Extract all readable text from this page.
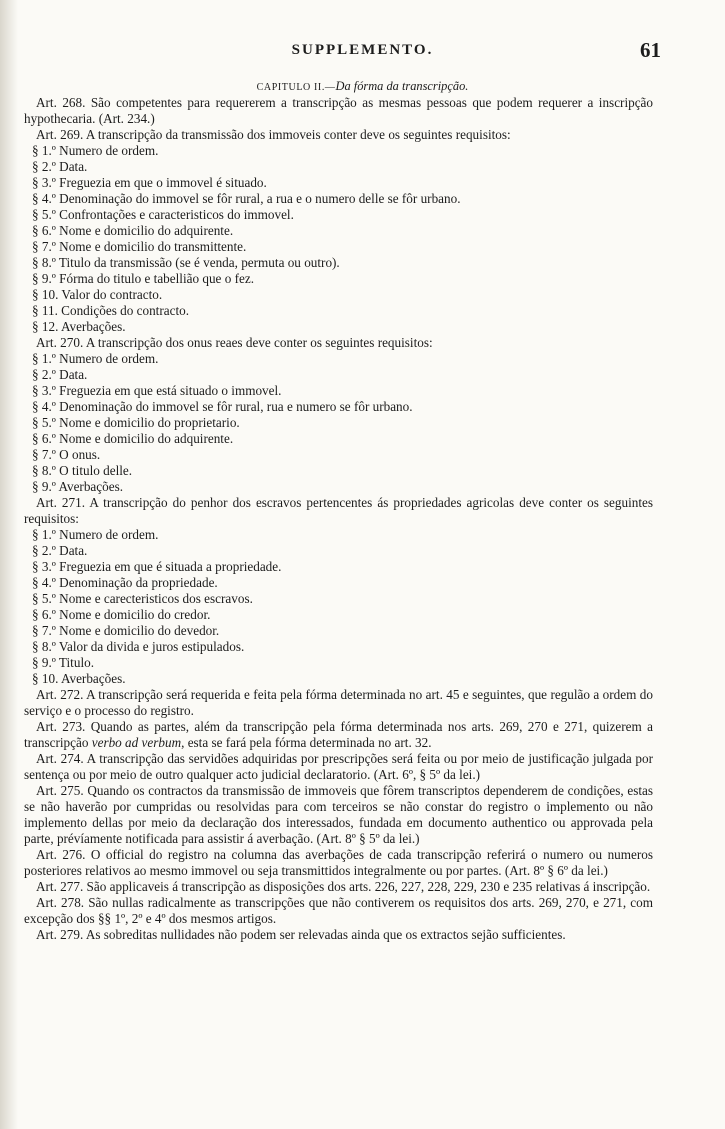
SUPPLEMENTO.	61
CAPITULO II.—Da fórma da transcripção.

Art. 268. São competentes para requererem a transcripção as mesmas pessoas que podem requerer a inscripção hypothecaria. (Art. 234.)

Art. 269. A transcripção da transmissão dos immoveis conter deve os seguintes requisitos:

§ 1.º Numero de ordem.

§ 2.º Data.

§ 3.º Freguezia em que o immovel é situado.

§ 4.º Denominação do immovel se fôr rural, a rua e o numero delle se fôr urbano.

§ 5.º Confrontações e caracteristicos do immovel.

§ 6.º Nome e domicilio do adquirente.

§ 7.º Nome e domicilio do transmittente.

§ 8.º Titulo da transmissão (se é venda, permuta ou outro).

§ 9.º Fórma do titulo e tabellião que o fez.

§ 10. Valor do contracto.

§ 11. Condições do contracto.

§ 12. Averbações.

Art. 270. A transcripção dos onus reaes deve conter os seguintes requisitos:

§ 1.º Numero de ordem.

§ 2.º Data.

§ 3.º Freguezia em que está situado o immovel.

§ 4.º Denominação do immovel se fôr rural, rua e numero se fôr urbano.

§ 5.º Nome e domicilio do proprietario.

§ 6.º Nome e domicilio do adquirente.

§ 7.º O onus.

§ 8.º O titulo delle.

§ 9.º Averbações.

Art. 271. A transcripção do penhor dos escravos pertencentes ás propriedades agricolas deve conter os seguintes requisitos:

§ 1.º Numero de ordem.

§ 2.º Data.

§ 3.º Freguezia em que é situada a propriedade.

§ 4.º Denominação da propriedade.

§ 5.º Nome e carecteristicos dos escravos.

§ 6.º Nome e domicilio do credor.

§ 7.º Nome e domicilio do devedor.

§ 8.º Valor da divida e juros estipulados.

§ 9.º Titulo.

§ 10. Averbações.

Art. 272. A transcripção será requerida e feita pela fórma determinada no art. 45 e seguintes, que regulão a ordem do serviço e o processo do registro.

Art. 273. Quando as partes, além da transcripção pela fórma determinada nos arts. 269, 270 e 271, quizerem a transcripção verbo ad verbum, esta se fará pela fórma determinada no art. 32.

Art. 274. A transcripção das servidões adquiridas por prescripções será feita ou por meio de justificação julgada por sentença ou por meio de outro qualquer acto judicial declaratorio. (Art. 6º, § 5º da lei.)

Art. 275. Quando os contractos da transmissão de immoveis que fôrem transcriptos dependerem de condições, estas se não haverão por cumpridas ou resolvidas para com terceiros se não constar do registro o implemento ou não implemento dellas por meio da declaração dos interessados, fundada em documento authentico ou approvada pela parte, prévíamente notificada para assistir á averbação. (Art. 8º § 5º da lei.)

Art. 276. O official do registro na columna das averbações de cada transcripção referirá o numero ou numeros posteriores relativos ao mesmo immovel ou seja transmittidos integralmente ou por partes. (Art. 8º § 6º da lei.)

Art. 277. São applicaveis á transcripção as disposições dos arts. 226, 227, 228, 229, 230 e 235 relativas á inscripção.

Art. 278. São nullas radicalmente as transcripções que não contiverem os requisitos dos arts. 269, 270, e 271, com excepção dos §§ 1º, 2º e 4º dos mesmos artigos.

Art. 279. As sobreditas nullidades não podem ser relevadas ainda que os extractos sejão sufficientes.
